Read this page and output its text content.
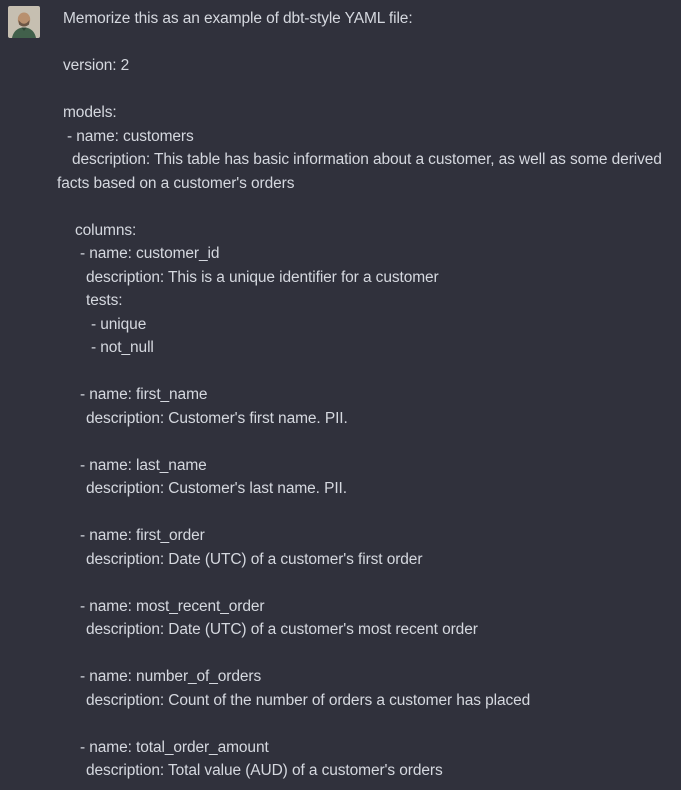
Memorize this as an example of dbt-style YAML file:

version: 2

models:
- name: customers
description: This table has basic information about a customer, as well as some derived
facts based on a customer's orders

columns:
- name: customer_id
description: This is a unique identifier for a customer
tests:
- unique
- not_null

- name: first_name
description: Customer's first name. PII.

- name: last_name
description: Customer's last name. PII.

- name: first_order
description: Date (UTC) of a customer's first order

- name: most_recent_order
description: Date (UTC) of a customer's most recent order

- name: number_of_orders
description: Count of the number of orders a customer has placed

- name: total_order_amount
description: Total value (AUD) of a customer's orders
